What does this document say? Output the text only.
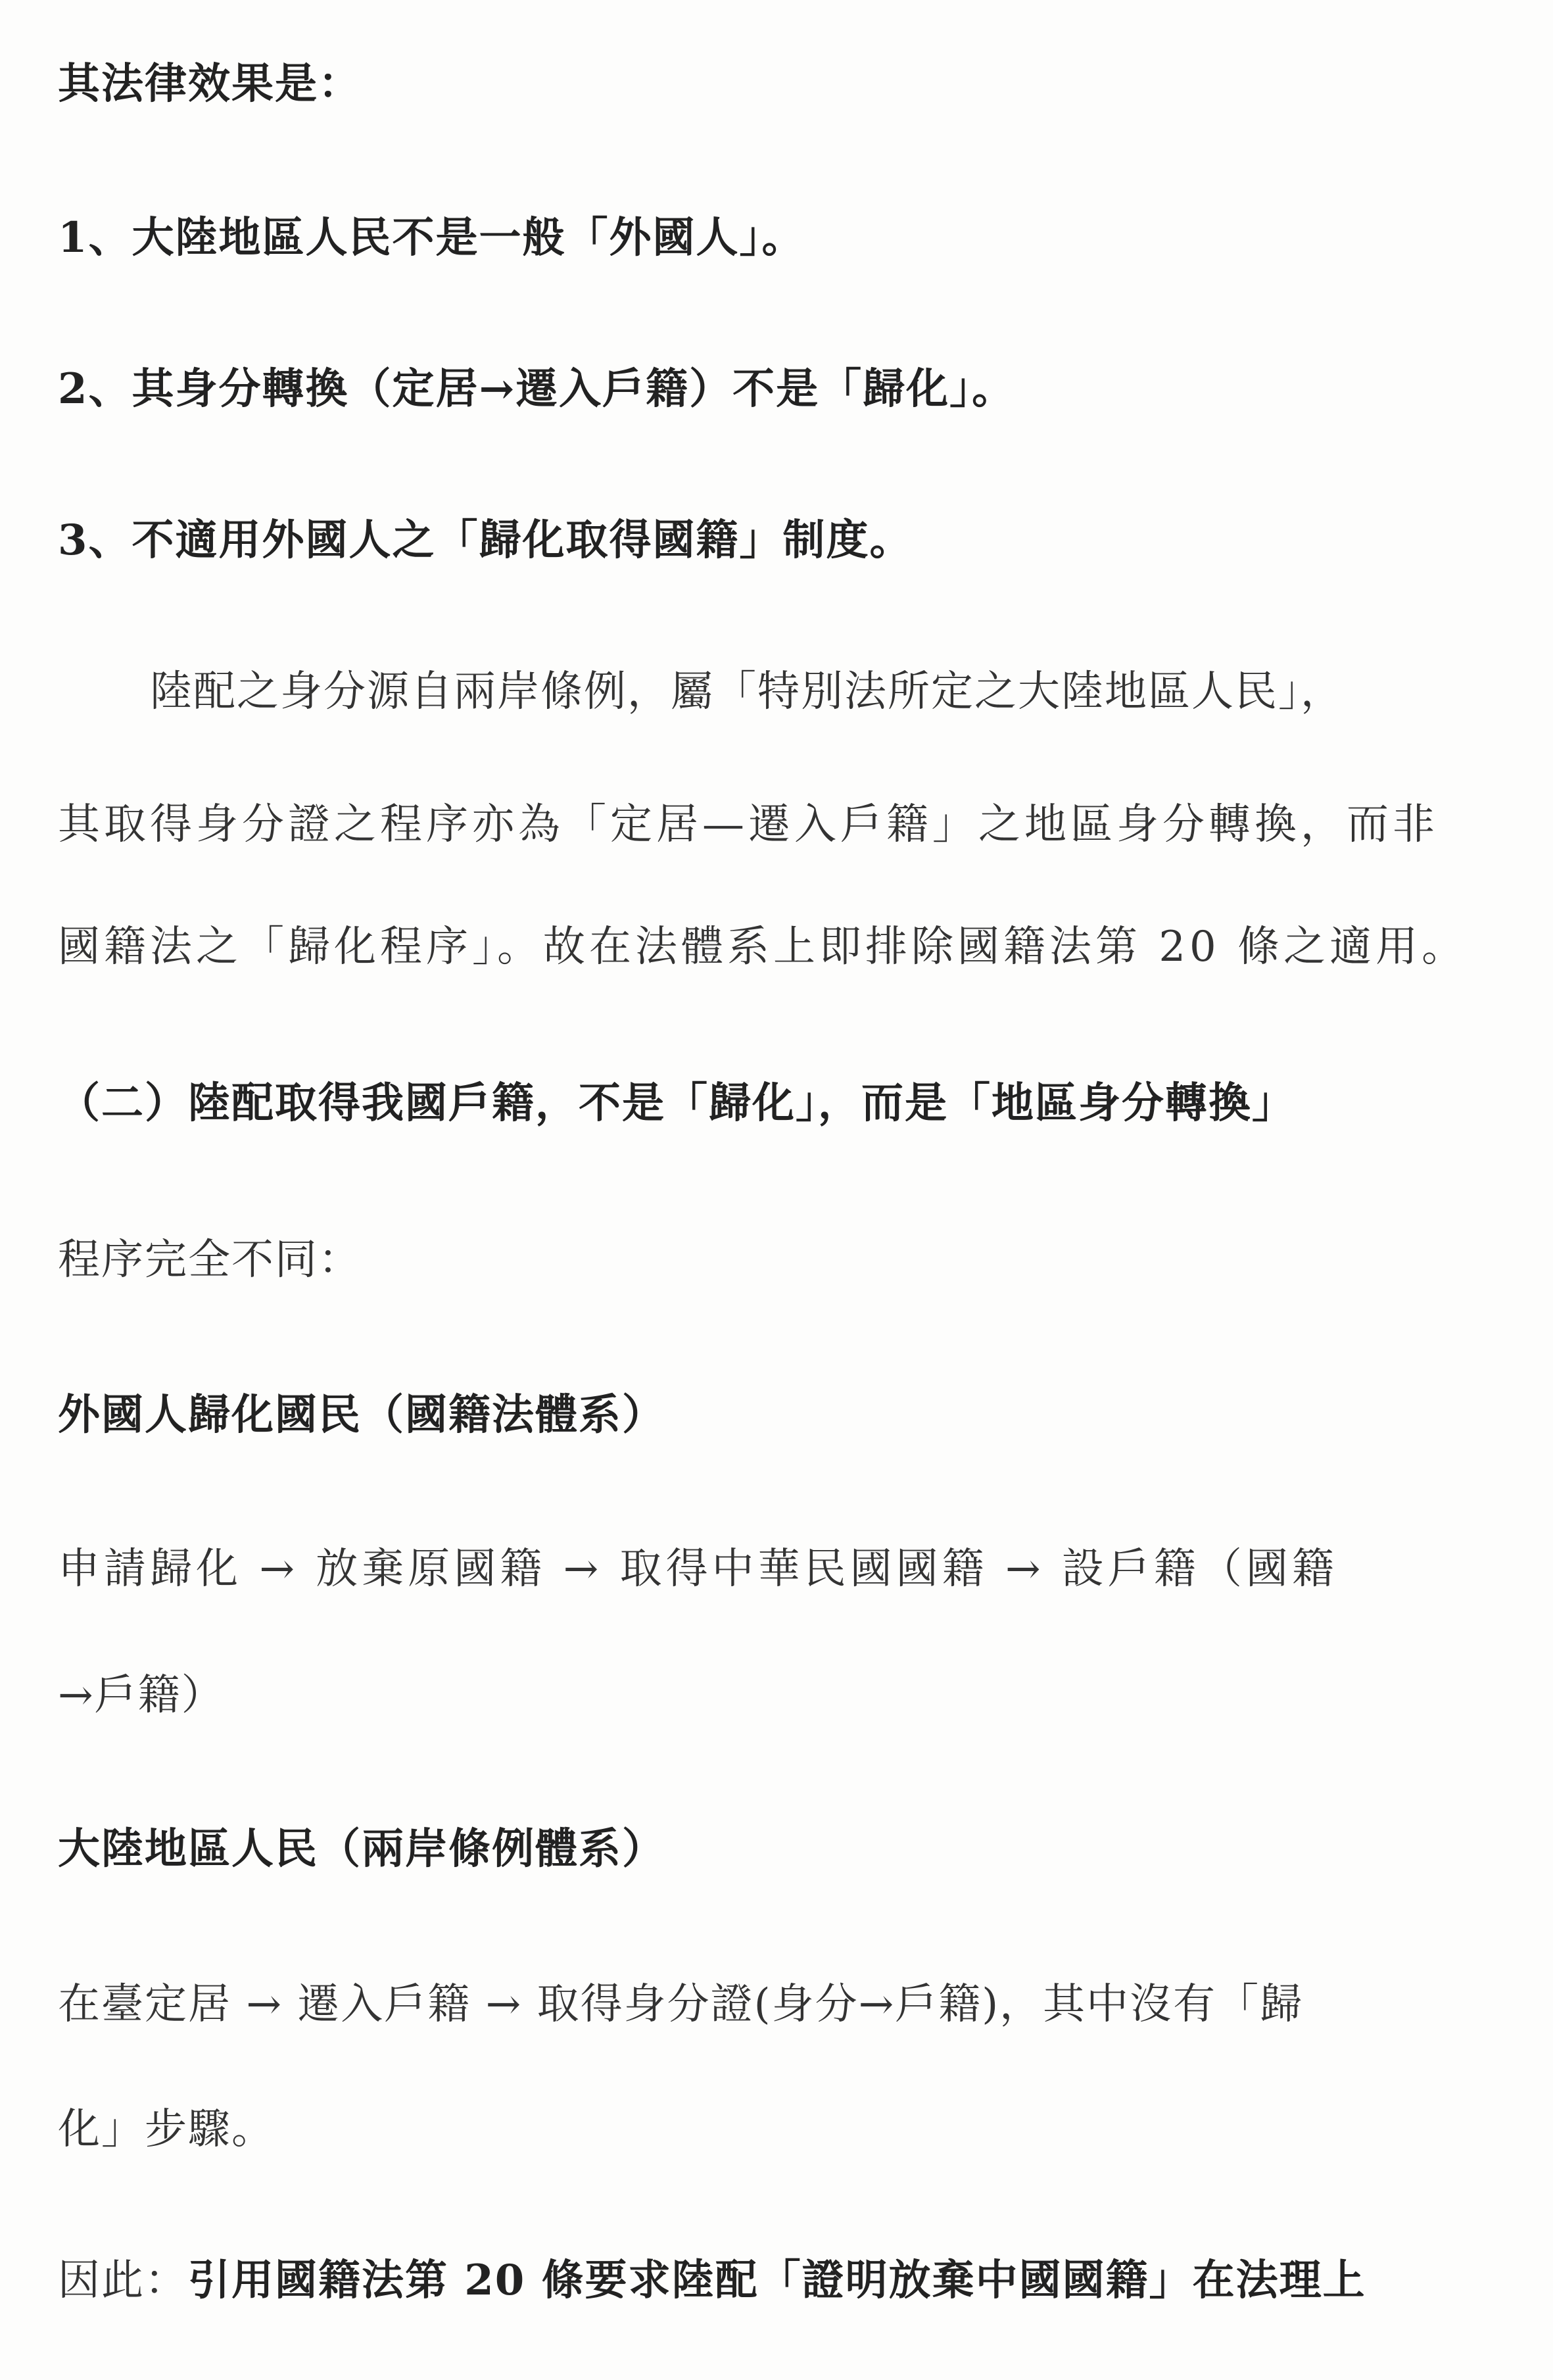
其法律效果是：
1、大陸地區人民不是一般「外國人」。
2、其身分轉換（定居→遷入戶籍）不是「歸化」。
3、不適用外國人之「歸化取得國籍」制度。
陸配之身分源自兩岸條例，屬「特別法所定之大陸地區人民」，
其取得身分證之程序亦為「定居—遷入戶籍」之地區身分轉換，而非
國籍法之「歸化程序」。故在法體系上即排除國籍法第 20 條之適用。
（二）陸配取得我國戶籍，不是「歸化」，而是「地區身分轉換」
程序完全不同：
外國人歸化國民（國籍法體系）
申請歸化 → 放棄原國籍 → 取得中華民國國籍 → 設戶籍（國籍
→戶籍）
大陸地區人民（兩岸條例體系）
在臺定居 → 遷入戶籍 → 取得身分證(身分→戶籍)，其中沒有「歸
化」步驟。
因此：引用國籍法第 20 條要求陸配「證明放棄中國國籍」在法理上
